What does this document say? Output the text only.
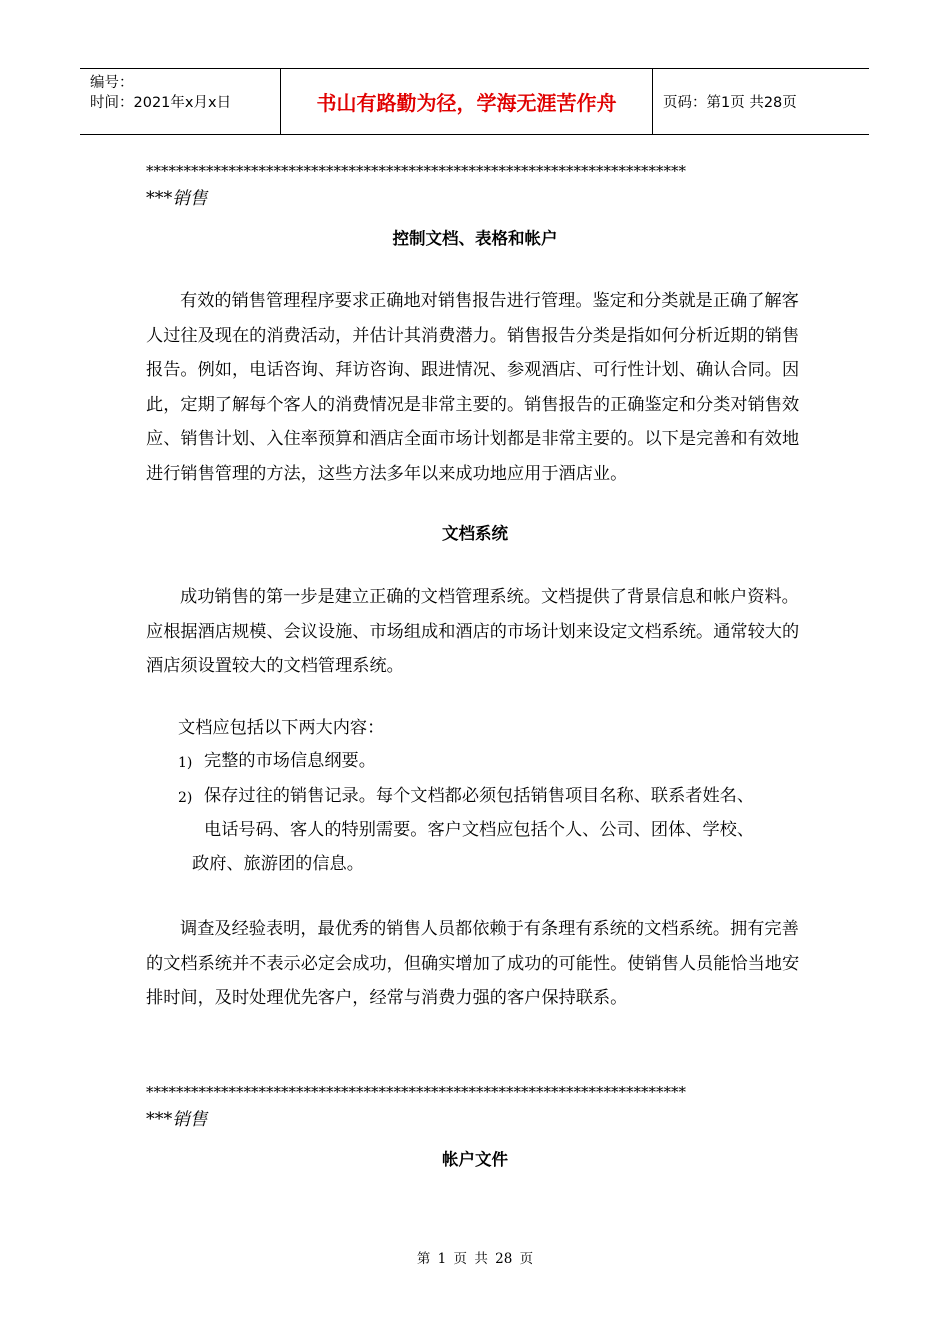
编号：
时间：2021年x月x日	书山有路勤为径，学海无涯苦作舟	页码：第1页 共28页
************************************************************************
***销售
控制文档、表格和帐户
有效的销售管理程序要求正确地对销售报告进行管理。鉴定和分类就是正确了解客人过往及现在的消费活动，并估计其消费潜力。销售报告分类是指如何分析近期的销售报告。例如，电话咨询、拜访咨询、跟进情况、参观酒店、可行性计划、确认合同。因此，定期了解每个客人的消费情况是非常主要的。销售报告的正确鉴定和分类对销售效应、销售计划、入住率预算和酒店全面市场计划都是非常主要的。以下是完善和有效地进行销售管理的方法，这些方法多年以来成功地应用于酒店业。
文档系统
成功销售的第一步是建立正确的文档管理系统。文档提供了背景信息和帐户资料。应根据酒店规模、会议设施、市场组成和酒店的市场计划来设定文档系统。通常较大的酒店须设置较大的文档管理系统。
文档应包括以下两大内容：
1) 完整的市场信息纲要。
2) 保存过往的销售记录。每个文档都必须包括销售项目名称、联系者姓名、
电话号码、客人的特别需要。客户文档应包括个人、公司、团体、学校、
政府、旅游团的信息。
调查及经验表明，最优秀的销售人员都依赖于有条理有系统的文档系统。拥有完善的文档系统并不表示必定会成功，但确实增加了成功的可能性。使销售人员能恰当地安排时间，及时处理优先客户，经常与消费力强的客户保持联系。
************************************************************************
***销售
帐户文件
第 1 页 共 28 页
